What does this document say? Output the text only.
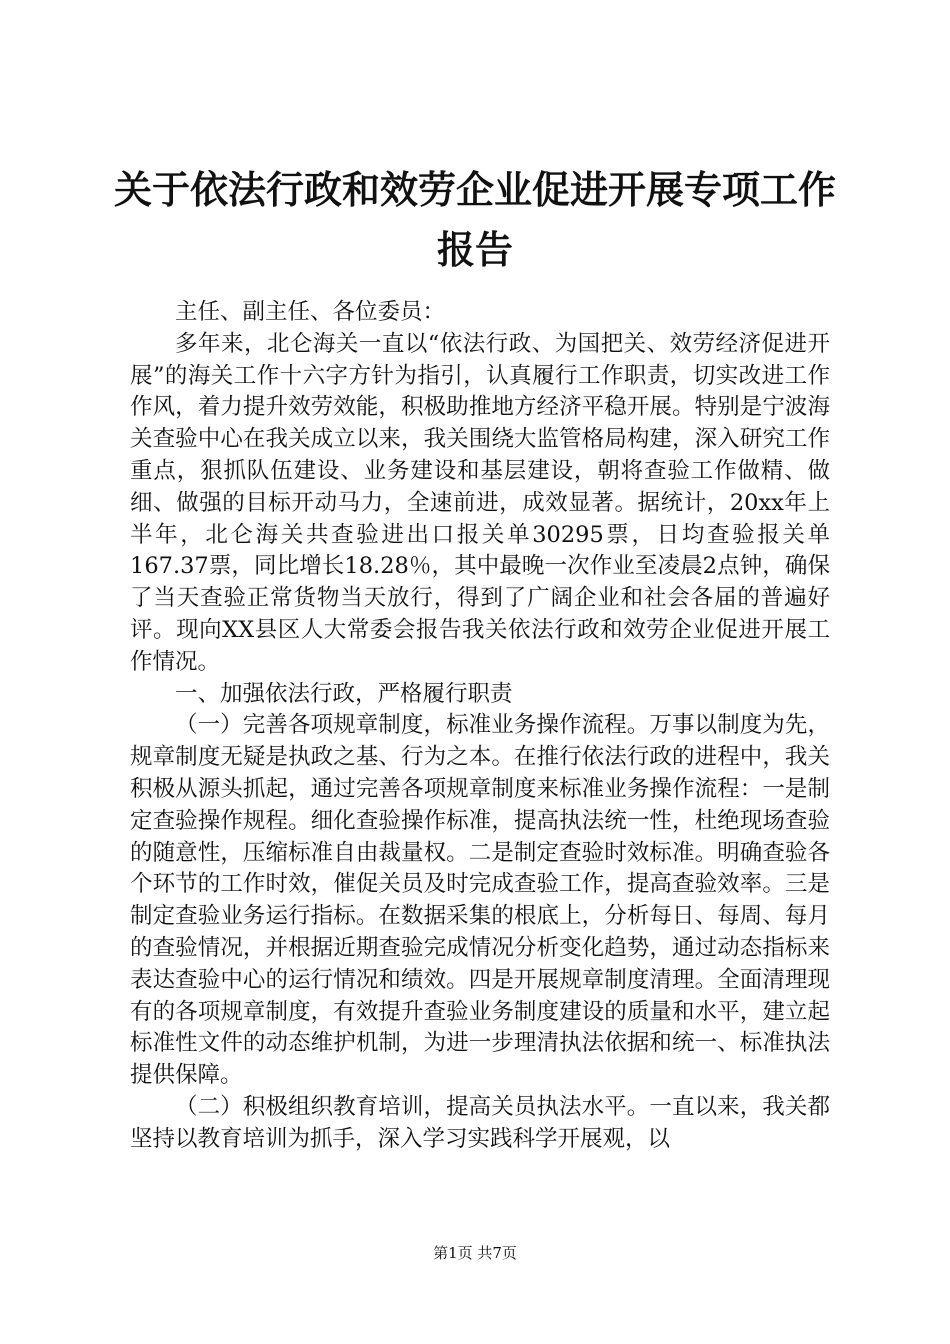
关于依法行政和效劳企业促进开展专项工作报告

主任、副主任、各位委员：

多年来，北仑海关一直以“依法行政、为国把关、效劳经济促进开展”的海关工作十六字方针为指引，认真履行工作职责，切实改进工作作风，着力提升效劳效能，积极助推地方经济平稳开展。特别是宁波海关查验中心在我关成立以来，我关围绕大监管格局构建，深入研究工作重点，狠抓队伍建设、业务建设和基层建设，朝将查验工作做精、做细、做强的目标开动马力，全速前进，成效显著。据统计，20xx年上半年，北仑海关共查验进出口报关单30295票，日均查验报关单167.37票，同比增长18.28％，其中最晚一次作业至凌晨2点钟，确保了当天查验正常货物当天放行，得到了广阔企业和社会各届的普遍好评。现向XX县区人大常委会报告我关依法行政和效劳企业促进开展工作情况。

一、加强依法行政，严格履行职责

（一）完善各项规章制度，标准业务操作流程。万事以制度为先，规章制度无疑是执政之基、行为之本。在推行依法行政的进程中，我关积极从源头抓起，通过完善各项规章制度来标准业务操作流程：一是制定查验操作规程。细化查验操作标准，提高执法统一性，杜绝现场查验的随意性，压缩标准自由裁量权。二是制定查验时效标准。明确查验各个环节的工作时效，催促关员及时完成查验工作，提高查验效率。三是制定查验业务运行指标。在数据采集的根底上，分析每日、每周、每月的查验情况，并根据近期查验完成情况分析变化趋势，通过动态指标来表达查验中心的运行情况和绩效。四是开展规章制度清理。全面清理现有的各项规章制度，有效提升查验业务制度建设的质量和水平，建立起标准性文件的动态维护机制，为进一步理清执法依据和统一、标准执法提供保障。

（二）积极组织教育培训，提高关员执法水平。一直以来，我关都坚持以教育培训为抓手，深入学习实践科学开展观，以

第1页 共7页
